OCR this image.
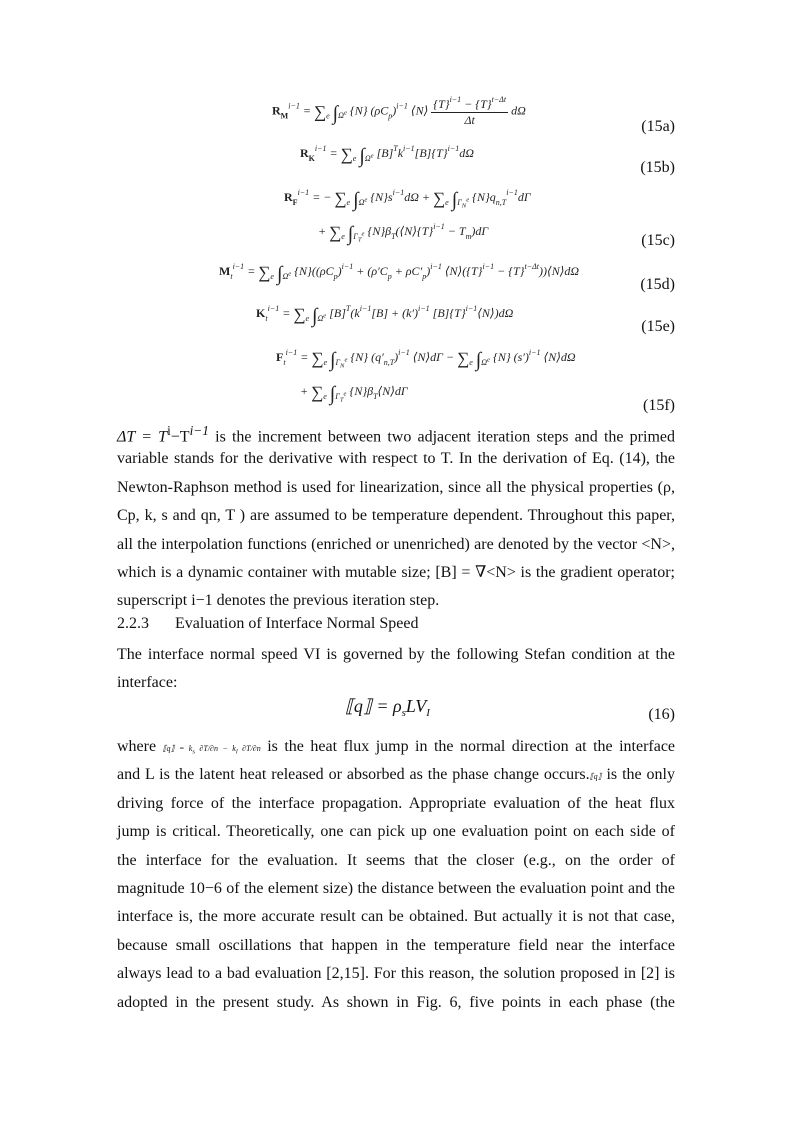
$R_M^{i-1} = \sum_e$ $\int_{\Omega^e}$ {N} $(\rho C_p)^{i-1}$ ⟨N⟩ $\frac{\{T\}^{i-1} - \{T\}^{t-\Delta t}}{\Delta t}$ dΩ
(15a)
$R_K^{i-1} = \sum_e$ $\int_{\Omega^e}$ $[B]^Tk^{i-1}[B]\{T\}^{i-1}d\Omega$
(15b)
$R_F^{i-1}$ = − $\sum_e$ $\int_{\Omega^e}$ $\{N\}s^{i-1}d\Omega + \sum_e$ $\int_{\Gamma_N^e}$ $\{N\}q_{n,T}^{i-1}d\Gamma$
+ $\sum_e$ $\int_{\Gamma_T^e}$ $\{N\}\beta_T(⟨N⟩\{T\}^{i-1} - T_m)d\Gamma$
(15c)
$M_t^{i-1} = \sum_e$ $\int_{\Omega^e}$ $\{N\}((\rho C_p)^{i-1} + (\rho'C_p + \rho C'_p)^{i-1}$ $⟨N⟩(\{T\}^{i-1}$ − $\{T\}^{t-\Delta t}))⟨N⟩d\Omega$
(15d)
$K_t^{i-1} = \sum_e$ $\int_{\Omega^e}$ $[B]^T(k^{i-1}[B] + (k')^{i-1}$ $[B]\{T\}^{i-1}⟨N⟩)d\Omega$
(15e)
$F_t^{i-1} = \sum_e$ $\int_{\Gamma_N^e}$ {N} $(q'_{n,T})^{i-1}$ ⟨N⟩dΓ − $\sum_e$ $\int_{\Omega^e}$ {N} $(s')^{i-1}$ ⟨N⟩dΩ
+ $\sum_e$ $\int_{\Gamma_T^e}$ $\{N\}\beta_T⟨N⟩d\Gamma$
(15f)
$\Delta T = T^i-T^{i-1}$ is the increment between two adjacent iteration steps and the primed
variable stands for the derivative with respect to T. In the derivation of Eq. (14), the
Newton-Raphson method is used for linearization, since all the physical properties (ρ,
Cp, k, s and qn, T ) are assumed to be temperature dependent. Throughout this paper,
all the interpolation functions (enriched or unenriched) are denoted by the vector <N>,
which is a dynamic container with mutable size; [B] = ∇<N> is the gradient operator;
superscript i−1 denotes the previous iteration step.
2.2.3 Evaluation of Interface Normal Speed
The interface normal speed VI is governed by the following Stefan condition at the
interface:
⟦q⟧ = $\rho_sLV_I$	(16)
where ⟦q⟧ = $k_s$ $\partial T/\partial n - k_l$ ∂T/∂n is the heat flux jump in the normal direction at the interface
and L is the latent heat released or absorbed as the phase change occurs.⟦q⟧ is the only
driving force of the interface propagation. Appropriate evaluation of the heat flux
jump is critical. Theoretically, one can pick up one evaluation point on each side of
the interface for the evaluation. It seems that the closer (e.g., on the order of
magnitude 10−6 of the element size) the distance between the evaluation point and the
interface is, the more accurate result can be obtained. But actually it is not that case,
because small oscillations that happen in the temperature field near the interface
always lead to a bad evaluation [2,15]. For this reason, the solution proposed in [2] is
adopted in the present study. As shown in Fig. 6, five points in each phase (the
